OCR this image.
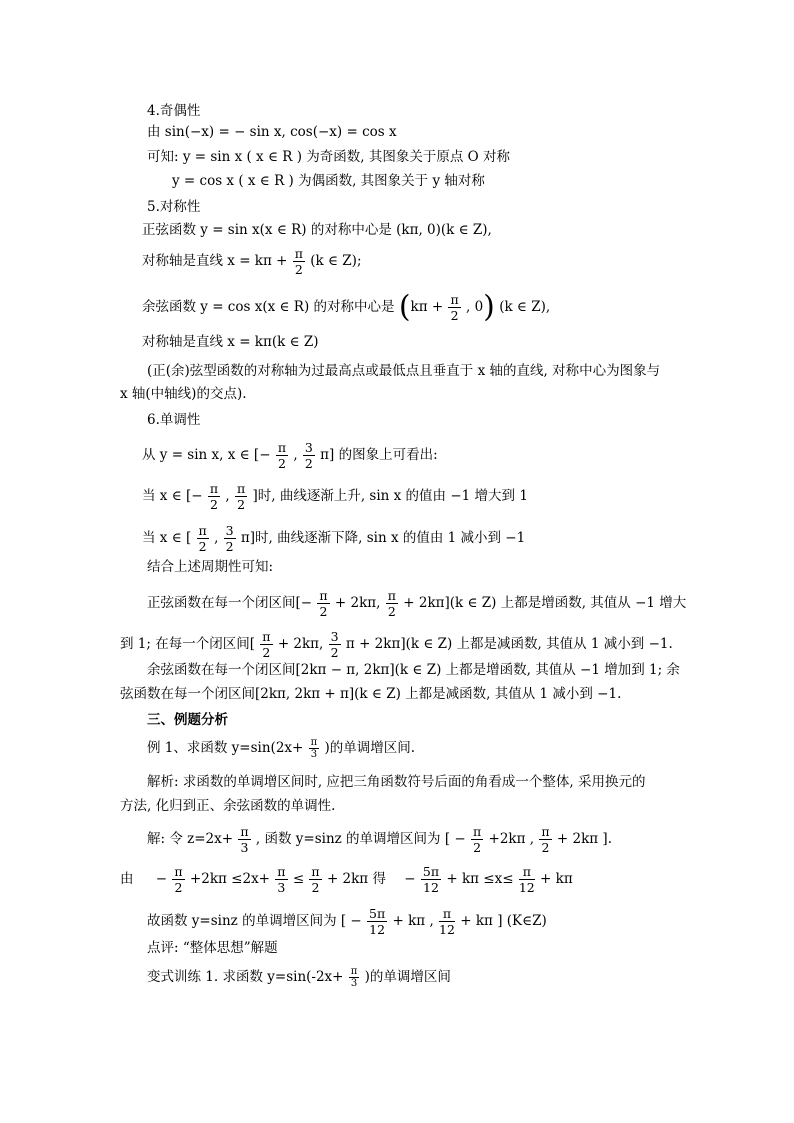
4.奇偶性
由 sin(−x) = − sin x, cos(−x) = cos x
可知: y = sin x ( x ∈ R ) 为奇函数, 其图象关于原点 O 对称
y = cos x ( x ∈ R ) 为偶函数, 其图象关于 y 轴对称
5.对称性
正弦函数 y = sin x(x ∈ R) 的对称中心是 (kπ, 0)(k ∈ Z),
对称轴是直线 $x = k\pi + \frac{\pi}{2} (k$ ∈ Z);
余弦函数 y = cos x(x ∈ R) 的对称中心是 ($k\pi + \frac{\pi}{2}$ , 0) (k ∈ Z),
对称轴是直线 x = kπ(k ∈ Z)
(正(余)弦型函数的对称轴为过最高点或最低点且垂直于 x 轴的直线, 对称中心为图象与
x 轴(中轴线)的交点).
6.单调性
从 y = sin x, x ∈ [− $\frac{\pi}{2}$ , $\frac{3}{2} \pi$] 的图象上可看出:
当 x ∈ [− $\frac{\pi}{2}$ , $\frac{\pi}{2}$ ]时, 曲线逐渐上升, sin x 的值由 −1 增大到 1
当 x ∈ [ $\frac{\pi}{2}$ , $\frac{3}{2} \pi$]时, 曲线逐渐下降, sin x 的值由 1 减小到 −1
结合上述周期性可知:
正弦函数在每一个闭区间[− $\frac{\pi}{2} + 2k\pi$, $\frac{\pi}{2} + 2k\pi](k$ ∈ Z) 上都是增函数, 其值从 −1 增大
到 1; 在每一个闭区间[ $\frac{\pi}{2} + 2k\pi$, $\frac{3}{2}$ π + 2kπ](k ∈ Z) 上都是减函数, 其值从 1 减小到 −1.
余弦函数在每一个闭区间[2kπ − π, 2kπ](k ∈ Z) 上都是增函数, 其值从 −1 增加到 1; 余
弦函数在每一个闭区间[2kπ, 2kπ + π](k ∈ Z) 上都是减函数, 其值从 1 减小到 −1.
三、例题分析
例 1、求函数 $y=\sin(2x+ \frac{\pi}{3}$ )的单调增区间.
解析: 求函数的单调增区间时, 应把三角函数符号后面的角看成一个整体, 采用换元的
方法, 化归到正、余弦函数的单调性.
解: 令 $z=2x+ \frac{\pi}{3}$ , 函数 y=sinz 的单调增区间为 [ − $\frac{\pi}{2} +2k\pi$ , $\frac{\pi}{2} + 2k\pi$ ].
由 − $\frac{\pi}{2} +2k\pi \le 2x+ \frac{\pi}{3} \le \frac{\pi}{2} + 2k\pi$ 得 − $\frac{5\pi}{12} + k\pi \le x\le \frac{\pi}{12} + k\pi$
故函数 y=sinz 的单调增区间为 [ − $\frac{5\pi}{12} + k\pi$ , $\frac{\pi}{12} + k\pi$ ] (K∈Z)
点评: “整体思想”解题
变式训练 1. 求函数 $y=\sin(-2x+ \frac{\pi}{3}$ )的单调增区间
